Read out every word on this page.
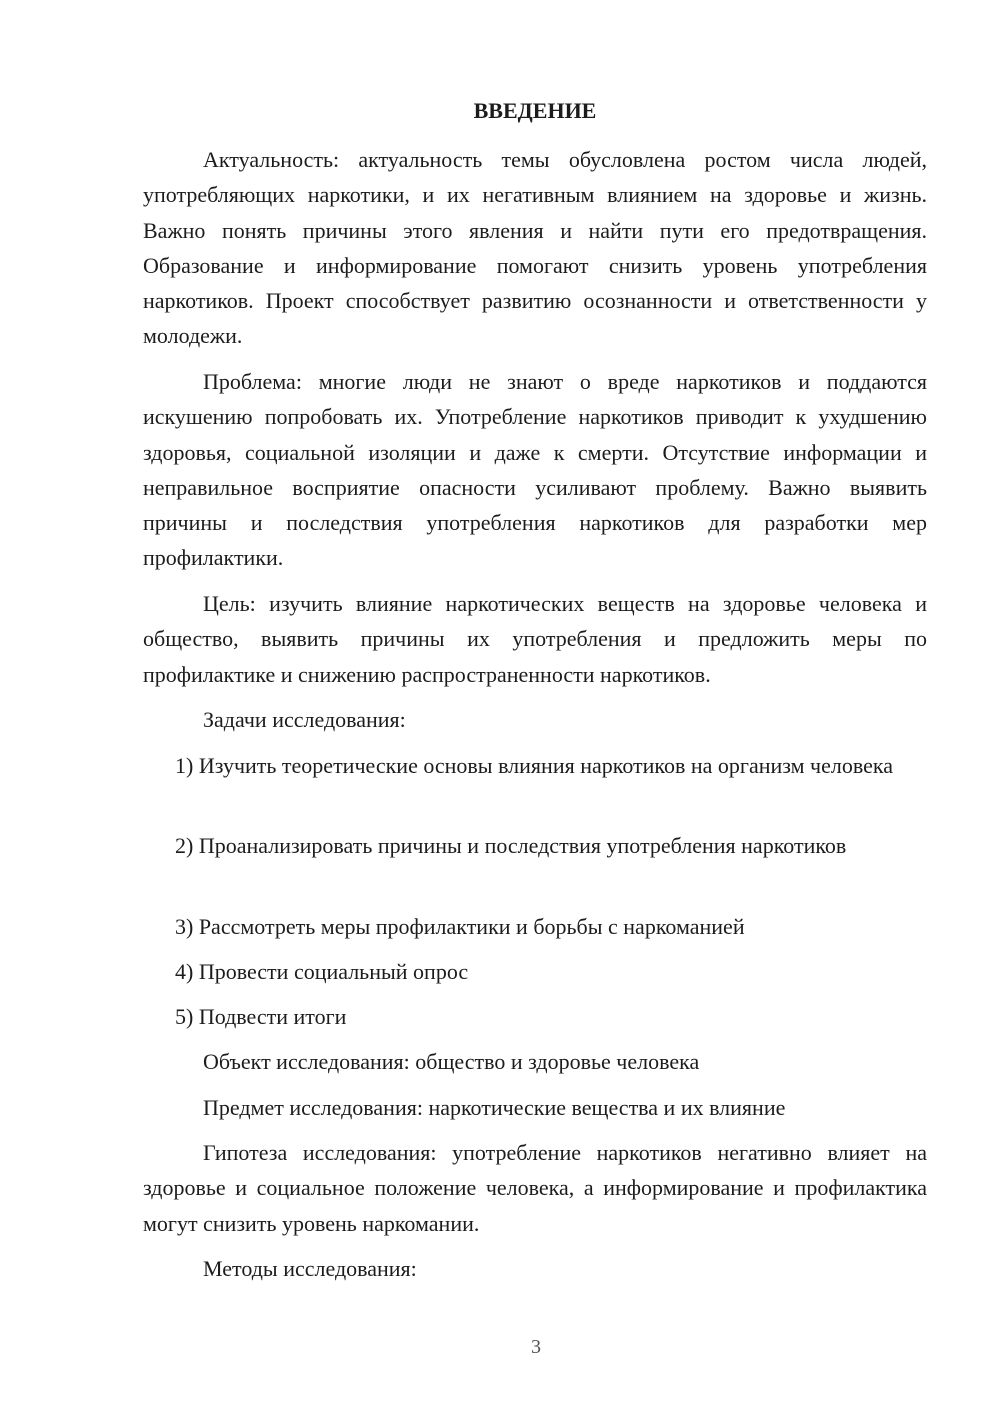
ВВЕДЕНИЕ

Актуальность: актуальность темы обусловлена ростом числа людей, употребляющих наркотики, и их негативным влиянием на здоровье и жизнь. Важно понять причины этого явления и найти пути его предотвращения. Образование и информирование помогают снизить уровень употребления наркотиков. Проект способствует развитию осознанности и ответственности у молодежи.

Проблема: многие люди не знают о вреде наркотиков и поддаются искушению попробовать их. Употребление наркотиков приводит к ухудшению здоровья, социальной изоляции и даже к смерти. Отсутствие информации и неправильное восприятие опасности усиливают проблему. Важно выявить причины и последствия употребления наркотиков для разработки мер профилактики.

Цель: изучить влияние наркотических веществ на здоровье человека и общество, выявить причины их употребления и предложить меры по профилактике и снижению распространенности наркотиков.

Задачи исследования:

1) Изучить теоретические основы влияния наркотиков на организм человека

2) Проанализировать причины и последствия употребления наркотиков

3) Рассмотреть меры профилактики и борьбы с наркоманией

4) Провести социальный опрос

5) Подвести итоги

Объект исследования: общество и здоровье человека

Предмет исследования: наркотические вещества и их влияние

Гипотеза исследования: употребление наркотиков негативно влияет на здоровье и социальное положение человека, а информирование и профилактика могут снизить уровень наркомании.

Методы исследования:

3
